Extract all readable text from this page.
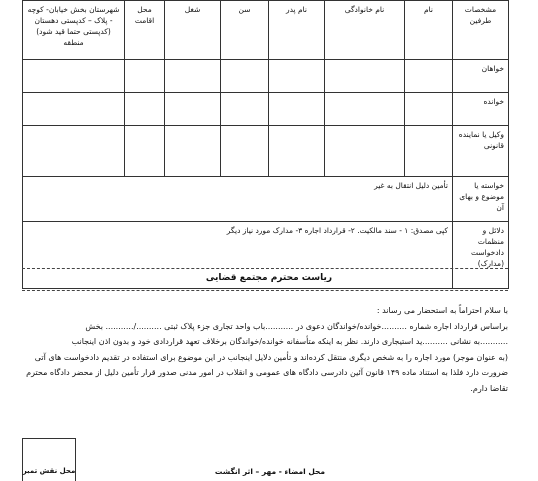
مشخصات طرفین	نام	نام خانوادگی	نام پدر	سن	شغل	محل اقامت	شهرستان بخش خیابان- کوچه - پلاک – کدپستی دهستان (کدپستی حتما قید شود) منطقه
خواهان							
خوانده							
وکیل یا نماینده قانونی							
خواسته یا موضوع و بهای آن	تأمین دلیل انتقال به غیر						
دلائل و منظمات دادخواست (مدارک)	کپی مصدق: ۱ - سند مالکیت. ۲- قرارداد اجاره ۳- مدارک مورد نیاز دیگر						
ریاست محترم مجتمع قضایی

با سلام احتراماً به استحضار می رساند :

براساس قرارداد اجاره شماره ..........خوانده/خواندگان دعوی در ...........باب واحد تجاری جزء پلاک ثبتی ........../........... بخش

...........به نشانی ..........ید استیجاری دارند. نظر به اینکه متأسفانه خوانده/خواندگان برخلاف تعهد قراردادی خود و بدون اذن اینجانب

(به عنوان موجر) مورد اجاره را به شخص دیگری منتقل کرده‌اند و تأمین دلایل اینجانب در این موضوع برای استفاده در تقدیم دادخواست های آتی

ضرورت دارد فلذا به استناد ماده ۱۴۹ قانون آئین دادرسی دادگاه های عمومی و انقلاب در امور مدنی صدور قرار تأمین دلیل از محضر دادگاه محترم

تقاضا دارم.

محل نقش تمبر	محل امضاء - مهر – اثر انگشت
